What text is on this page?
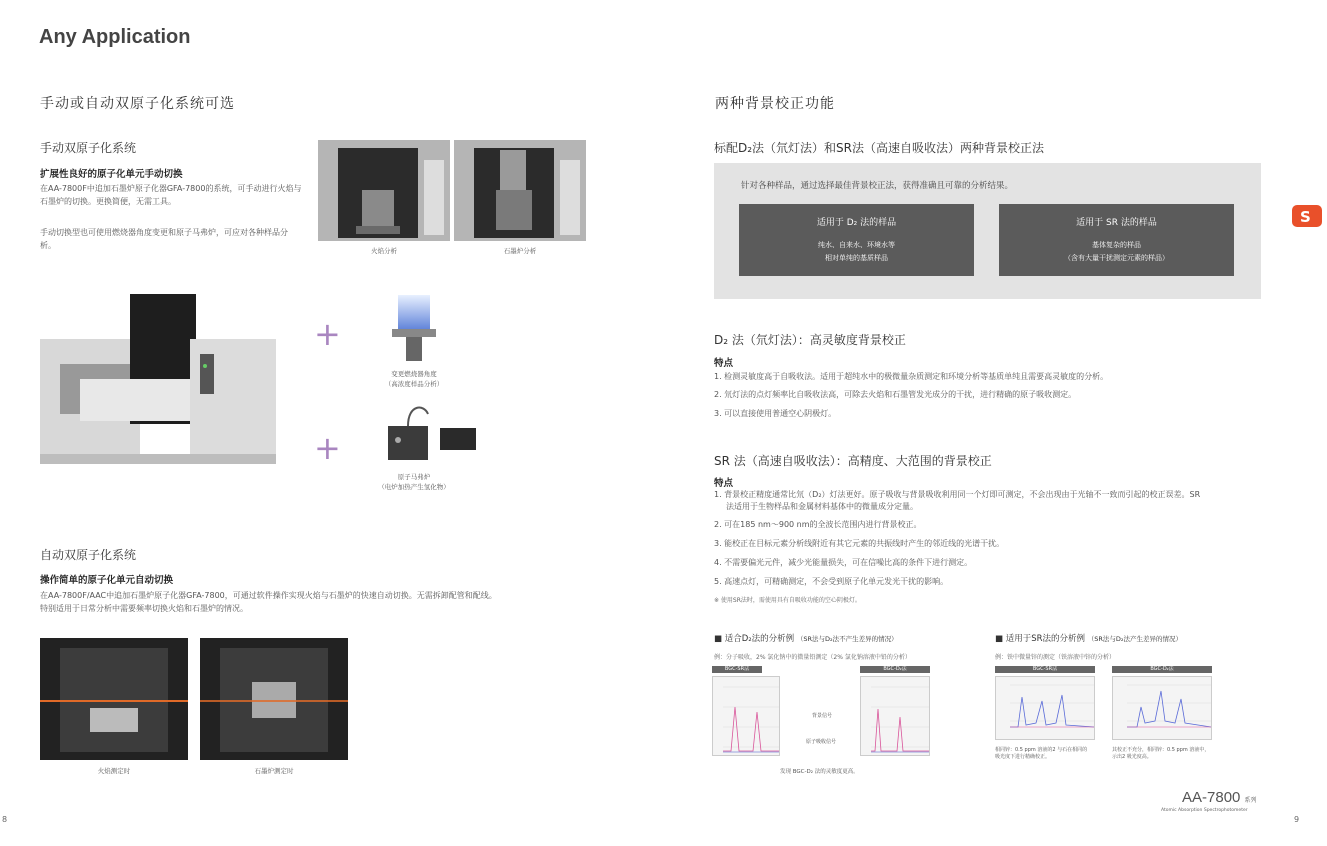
Any Application
手动或自动双原子化系统可选
手动双原子化系统
扩展性良好的原子化单元手动切换
在AA-7800F中追加石墨炉原子化器GFA-7800的系统，可手动进行火焰与石墨炉的切换。更换简便，无需工具。
手动切换型也可使用燃烧器角度变更和原子马弗炉，可应对各种样品分析。
火焰分析	石墨炉分析
+
+
变更燃烧器角度
（高浓度样品分析）
原子马弗炉
（电炉加热产生氢化物）
自动双原子化系统
操作简单的原子化单元自动切换
在AA-7800F/AAC中追加石墨炉原子化器GFA-7800，可通过软件操作实现火焰与石墨炉的快速自动切换。无需拆卸配管和配线。
特别适用于日常分析中需要频率切换火焰和石墨炉的情况。
火焰测定时	石墨炉测定时
8
两种背景校正功能
标配D₂法（氘灯法）和SR法（高速自吸收法）两种背景校正法
针对各种样品，通过选择最佳背景校正法，获得准确且可靠的分析结果。
适用于 D₂ 法的样品
纯水、自来水、环境水等
相对单纯的基质样品
适用于 SR 法的样品
基体复杂的样品
（含有大量干扰测定元素的样品）
D₂ 法（氘灯法）：高灵敏度背景校正
特点
1. 检测灵敏度高于自吸收法。适用于超纯水中的极微量杂质测定和环境分析等基质单纯且需要高灵敏度的分析。
2. 氘灯法的点灯频率比自吸收法高，可除去火焰和石墨管发光成分的干扰，进行精确的原子吸收测定。
3. 可以直接使用普通空心阴极灯。
SR 法（高速自吸收法）：高精度、大范围的背景校正
特点
1. 背景校正精度通常比氘（D₂）灯法更好。原子吸收与背景吸收利用同一个灯即可测定，不会出现由于光轴不一致而引起的校正误差。SR
法适用于生物样品和金属材料基体中的微量成分定量。
2. 可在185 nm～900 nm的全波长范围内进行背景校正。
3. 能校正在目标元素分析线附近有其它元素的共振线时产生的邻近线的光谱干扰。
4. 不需要偏光元件，减少光能量损失，可在信噪比高的条件下进行测定。
5. 高速点灯，可精确测定，不会受到原子化单元发光干扰的影响。
※ 使用SR法时，需使用具有自吸收功能的空心阴极灯。
■ 适合D₂法的分析例 （SR法与D₂法不产生差异的情况）
例：分子吸收，2% 氯化钠中的微量铅测定（2% 氯化钠溶液中铅的分析）
BGC-SR法	BGC-D₂法
背景信号
原子吸收信号
发现 BGC-D₂ 法的灵敏度更高。
■ 适用于SR法的分析例 （SR法与D₂法产生差异的情况）
例：铁中微量锌的测定（铁溶液中锌的分析）
BGC-SR法	BGC-D₂法
相同锌：0.5 ppm 溶液的2 与石在相同的
吸光度下进行精确校正。
其校正不充分，相同锌：0.5 ppm 溶液中，
示出2 吸光度高。
AA-7800 系列
Atomic Absorption Spectrophotometer
9
S
